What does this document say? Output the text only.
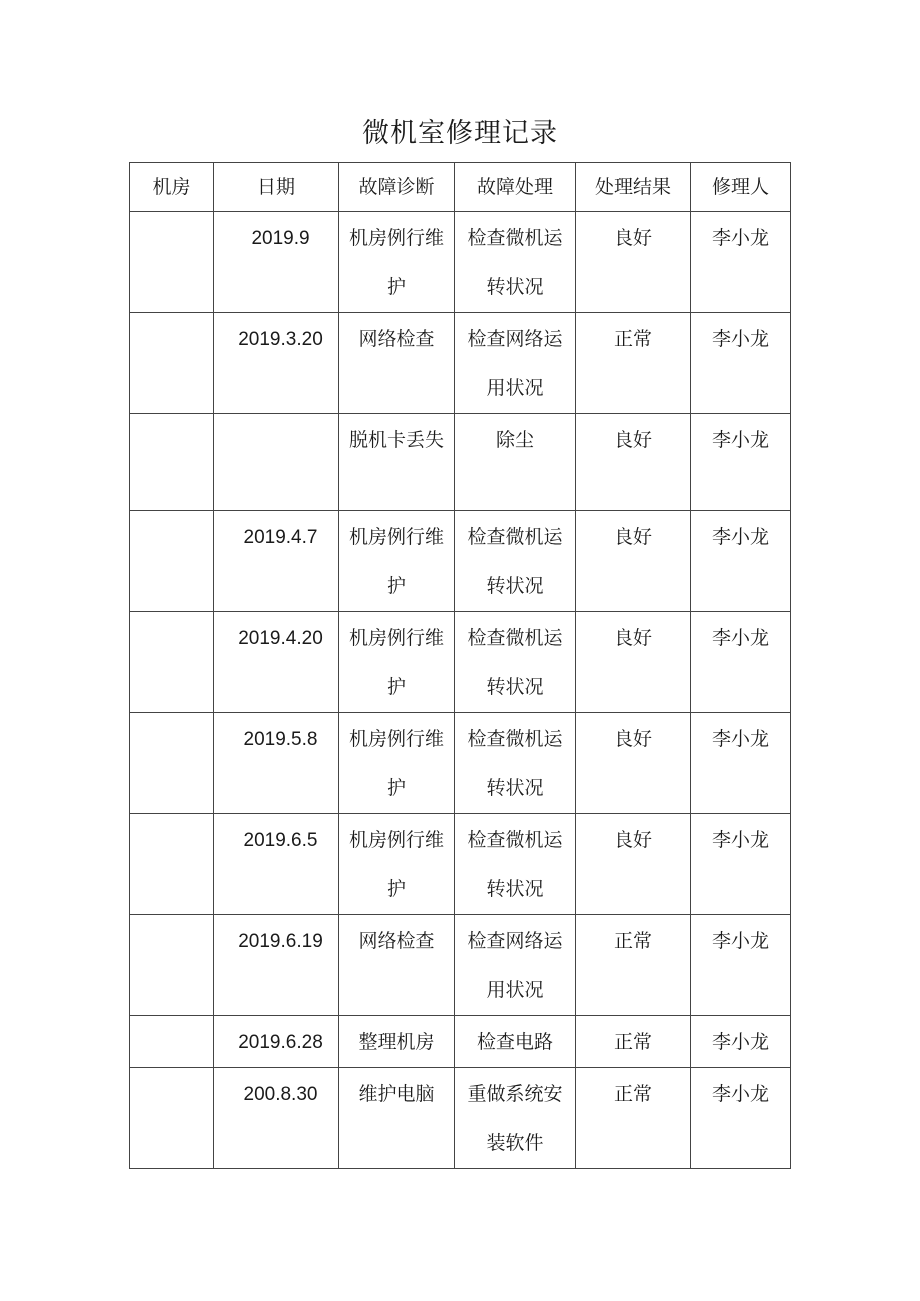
微机室修理记录
机房	日期	故障诊断	故障处理	处理结果	修理人

	2019.9	机房例行维护	检查微机运转状况	良好	李小龙

	2019.3.20	网络检查	检查网络运用状况	正常	李小龙

		脱机卡丢失	除尘	良好	李小龙

	2019.4.7	机房例行维护	检查微机运转状况	良好	李小龙

	2019.4.20	机房例行维护	检查微机运转状况	良好	李小龙

	2019.5.8	机房例行维护	检查微机运转状况	良好	李小龙

	2019.6.5	机房例行维护	检查微机运转状况	良好	李小龙

	2019.6.19	网络检查	检查网络运用状况	正常	李小龙

	2019.6.28	整理机房	检查电路	正常	李小龙

	200.8.30	维护电脑	重做系统安装软件	正常	李小龙
